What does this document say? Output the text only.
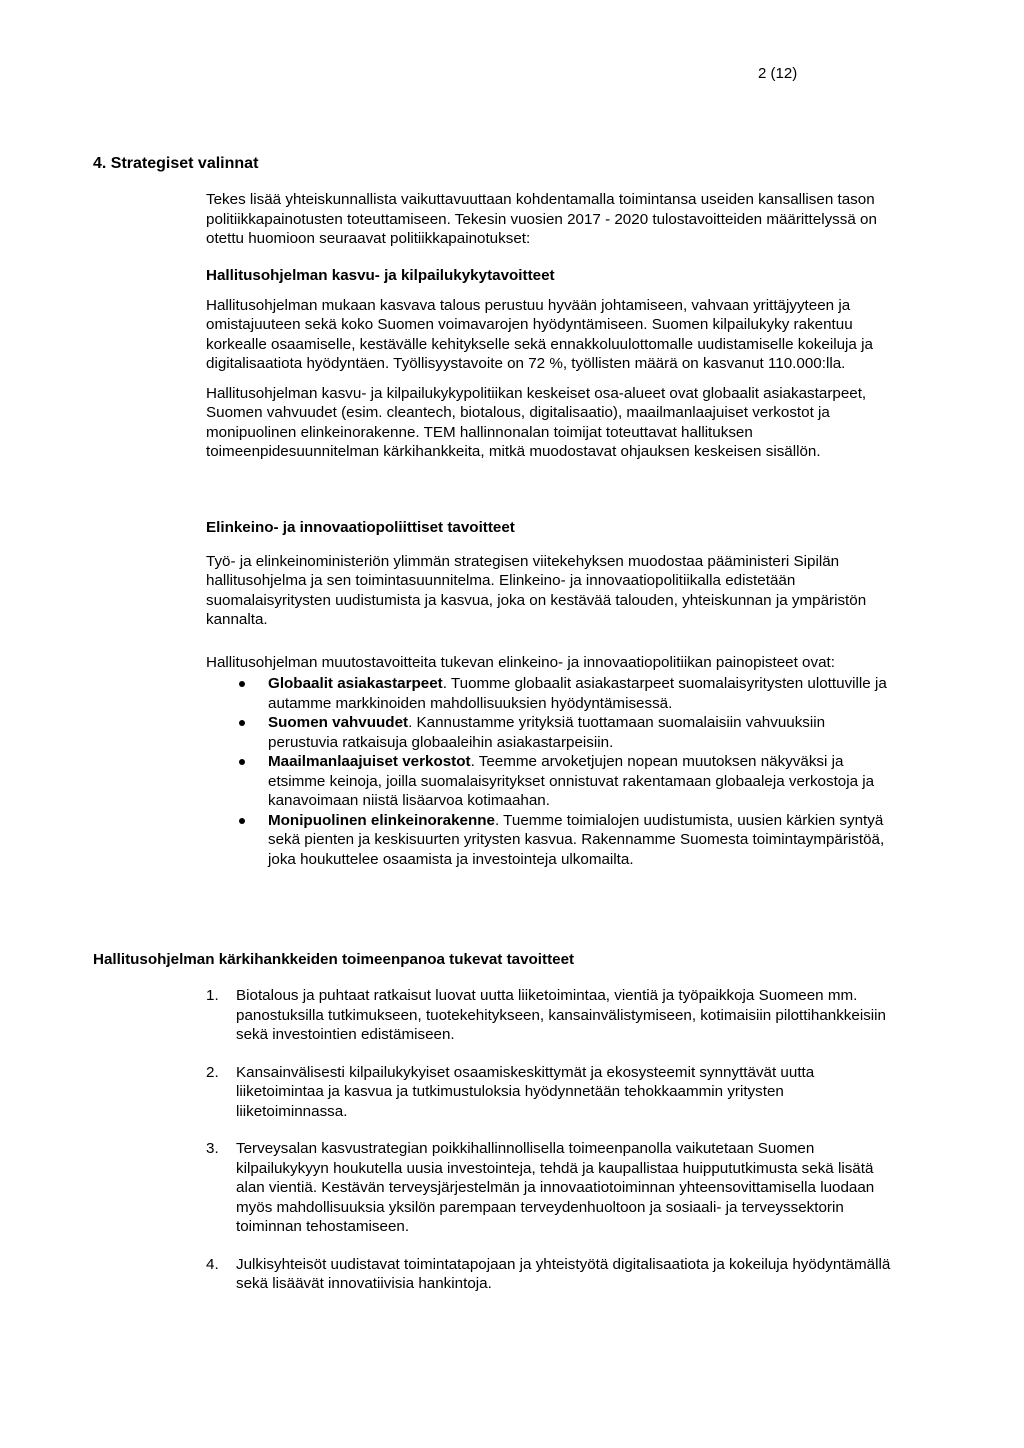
2 (12)
4. Strategiset valinnat

Tekes lisää yhteiskunnallista vaikuttavuuttaan kohdentamalla toimintansa useiden kansallisen tason politiikkapainotusten toteuttamiseen. Tekesin vuosien 2017 - 2020 tulostavoitteiden määrittelyssä on otettu huomioon seuraavat politiikkapainotukset:

Hallitusohjelman kasvu- ja kilpailukykytavoitteet

Hallitusohjelman mukaan kasvava talous perustuu hyvään johtamiseen, vahvaan yrittäjyyteen ja omistajuuteen sekä koko Suomen voimavarojen hyödyntämiseen. Suomen kilpailukyky rakentuu korkealle osaamiselle, kestävälle kehitykselle sekä ennakkoluulottomalle uudistamiselle kokeiluja ja digitalisaatiota hyödyntäen. Työllisyystavoite on 72 %, työllisten määrä on kasvanut 110.000:lla.

Hallitusohjelman kasvu- ja kilpailukykypolitiikan keskeiset osa-alueet ovat globaalit asiakastarpeet, Suomen vahvuudet (esim. cleantech, biotalous, digitalisaatio), maailmanlaajuiset verkostot ja monipuolinen elinkeinorakenne. TEM hallinnonalan toimijat toteuttavat hallituksen toimeenpidesuunnitelman kärkihankkeita, mitkä muodostavat ohjauksen keskeisen sisällön.

Elinkeino- ja innovaatiopoliittiset tavoitteet

Työ- ja elinkeinoministeriön ylimmän strategisen viitekehyksen muodostaa pääministeri Sipilän hallitusohjelma ja sen toimintasuunnitelma. Elinkeino- ja innovaatiopolitiikalla edistetään suomalaisyritysten uudistumista ja kasvua, joka on kestävää talouden, yhteiskunnan ja ympäristön kannalta.

Hallitusohjelman muutostavoitteita tukevan elinkeino- ja innovaatiopolitiikan painopisteet ovat:

Globaalit asiakastarpeet. Tuomme globaalit asiakastarpeet suomalaisyritysten ulottuville ja autamme markkinoiden mahdollisuuksien hyödyntämisessä.
Suomen vahvuudet. Kannustamme yrityksiä tuottamaan suomalaisiin vahvuuksiin perustuvia ratkaisuja globaaleihin asiakastarpeisiin.
Maailmanlaajuiset verkostot. Teemme arvoketjujen nopean muutoksen näkyväksi ja etsimme keinoja, joilla suomalaisyritykset onnistuvat rakentamaan globaaleja verkostoja ja kanavoimaan niistä lisäarvoa kotimaahan.
Monipuolinen elinkeinorakenne. Tuemme toimialojen uudistumista, uusien kärkien syntyä sekä pienten ja keskisuurten yritysten kasvua. Rakennamme Suomesta toimintaympäristöä, joka houkuttelee osaamista ja investointeja ulkomailta.
Hallitusohjelman kärkihankkeiden toimeenpanoa tukevat tavoitteet
1. Biotalous ja puhtaat ratkaisut luovat uutta liiketoimintaa, vientiä ja työpaikkoja Suomeen mm. panostuksilla tutkimukseen, tuotekehitykseen, kansainvälistymiseen, kotimaisiin pilottihankkeisiin sekä investointien edistämiseen.
2. Kansainvälisesti kilpailukykyiset osaamiskeskittymät ja ekosysteemit synnyttävät uutta liiketoimintaa ja kasvua ja tutkimustuloksia hyödynnetään tehokkaammin yritysten liiketoiminnassa.
3. Terveysalan kasvustrategian poikkihallinnollisella toimeenpanolla vaikutetaan Suomen kilpailukykyyn houkutella uusia investointeja, tehdä ja kaupallistaa huippututkimusta sekä lisätä alan vientiä. Kestävän terveysjärjestelmän ja innovaatiotoiminnan yhteensovittamisella luodaan myös mahdollisuuksia yksilön parempaan terveydenhuoltoon ja sosiaali- ja terveyssektorin toiminnan tehostamiseen.
4. Julkisyhteisöt uudistavat toimintatapojaan ja yhteistyötä digitalisaatiota ja kokeiluja hyödyntämällä sekä lisäävät innovatiivisia hankintoja.
